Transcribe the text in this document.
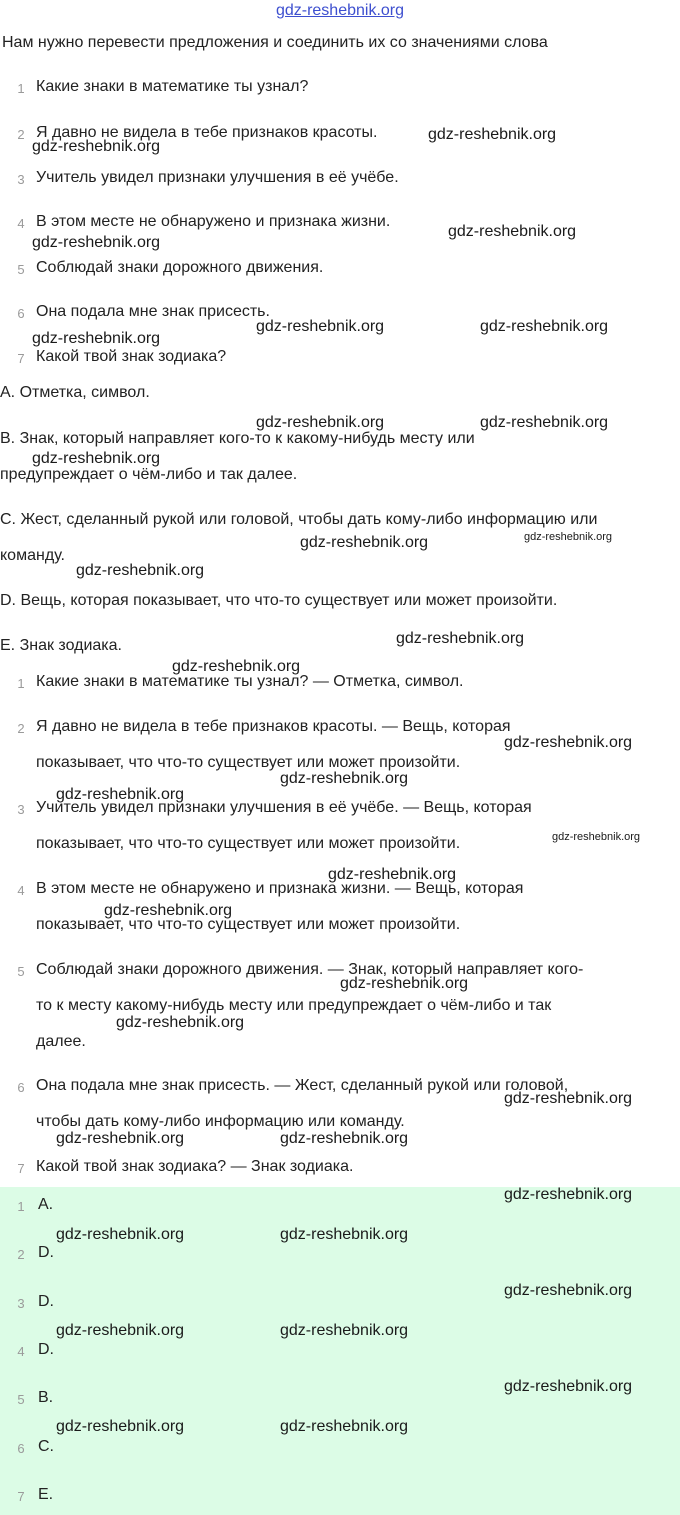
gdz-reshebnik.org
Нам нужно перевести предложения и соединить их со значениями слова
1 Какие знаки в математике ты узнал?
2 Я давно не видела в тебе признаков красоты.
3 Учитель увидел признаки улучшения в её учёбе.
4 В этом месте не обнаружено и признака жизни.
5 Соблюдай знаки дорожного движения.
6 Она подала мне знак присесть.
7 Какой твой знак зодиака?
A. Отметка, символ.
B. Знак, который направляет кого-то к какому-нибудь месту или
предупреждает о чём-либо и так далее.
C. Жест, сделанный рукой или головой, чтобы дать кому-либо информацию или
команду.
D. Вещь, которая показывает, что что-то существует или может произойти.
E. Знак зодиака.
1 Какие знаки в математике ты узнал? — Отметка, символ.
2 Я давно не видела в тебе признаков красоты. — Вещь, которая
показывает, что что-то существует или может произойти.
3 Учитель увидел признаки улучшения в её учёбе. — Вещь, которая
показывает, что что-то существует или может произойти.
4 В этом месте не обнаружено и признака жизни. — Вещь, которая
показывает, что что-то существует или может произойти.
5 Соблюдай знаки дорожного движения. — Знак, который направляет кого-
то к месту какому-нибудь месту или предупреждает о чём-либо и так
далее.
6 Она подала мне знак присесть. — Жест, сделанный рукой или головой,
чтобы дать кому-либо информацию или команду.
7 Какой твой знак зодиака? — Знак зодиака.
1 A.
2 D.
3 D.
4 D.
5 B.
6 C.
7 E.
gdz-reshebnik.org
gdz-reshebnik.org
gdz-reshebnik.org
gdz-reshebnik.org
gdz-reshebnik.org	gdz-reshebnik.org
gdz-reshebnik.org
gdz-reshebnik.org	gdz-reshebnik.org
gdz-reshebnik.org
gdz-reshebnik.org	gdz-reshebnik.org
gdz-reshebnik.org
gdz-reshebnik.org
gdz-reshebnik.org
gdz-reshebnik.org
gdz-reshebnik.org
gdz-reshebnik.org
gdz-reshebnik.org
gdz-reshebnik.org
gdz-reshebnik.org
gdz-reshebnik.org
gdz-reshebnik.org
gdz-reshebnik.org
gdz-reshebnik.org	gdz-reshebnik.org
gdz-reshebnik.org
gdz-reshebnik.org	gdz-reshebnik.org
gdz-reshebnik.org
gdz-reshebnik.org	gdz-reshebnik.org
gdz-reshebnik.org
gdz-reshebnik.org	gdz-reshebnik.org
